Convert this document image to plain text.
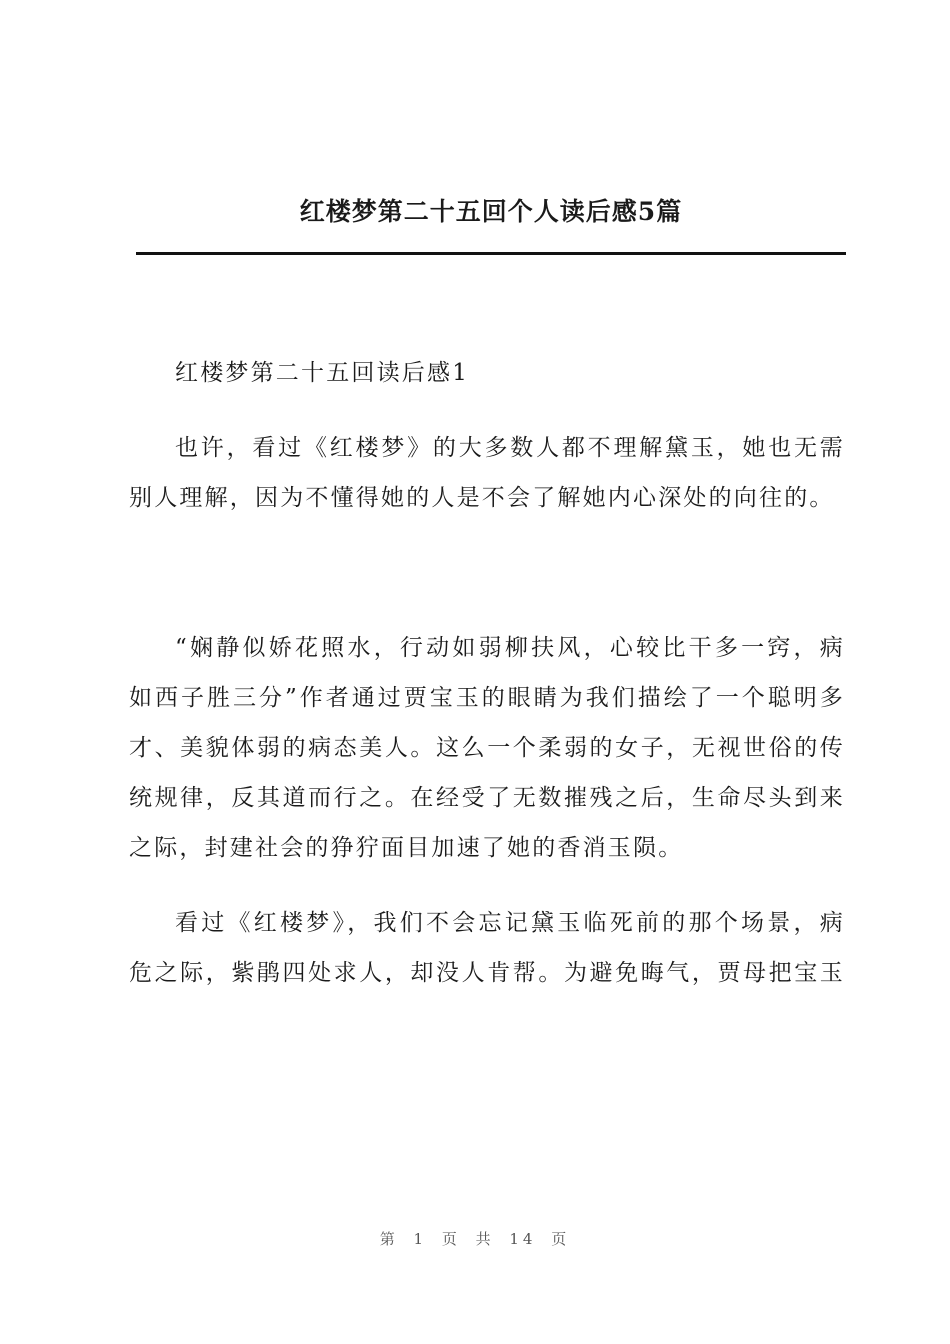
红楼梦第二十五回个人读后感5篇

红楼梦第二十五回读后感1

也许，看过《红楼梦》的大多数人都不理解黛玉，她也无需
别人理解，因为不懂得她的人是不会了解她内心深处的向往的。

“娴静似娇花照水，行动如弱柳扶风，心较比干多一窍，病
如西子胜三分”作者通过贾宝玉的眼睛为我们描绘了一个聪明多
才、美貌体弱的病态美人。这么一个柔弱的女子，无视世俗的传
统规律，反其道而行之。在经受了无数摧残之后，生命尽头到来
之际，封建社会的狰狞面目加速了她的香消玉陨。

看过《红楼梦》，我们不会忘记黛玉临死前的那个场景，病
危之际，紫鹃四处求人，却没人肯帮。为避免晦气，贾母把宝玉

第 1 页 共 14 页
